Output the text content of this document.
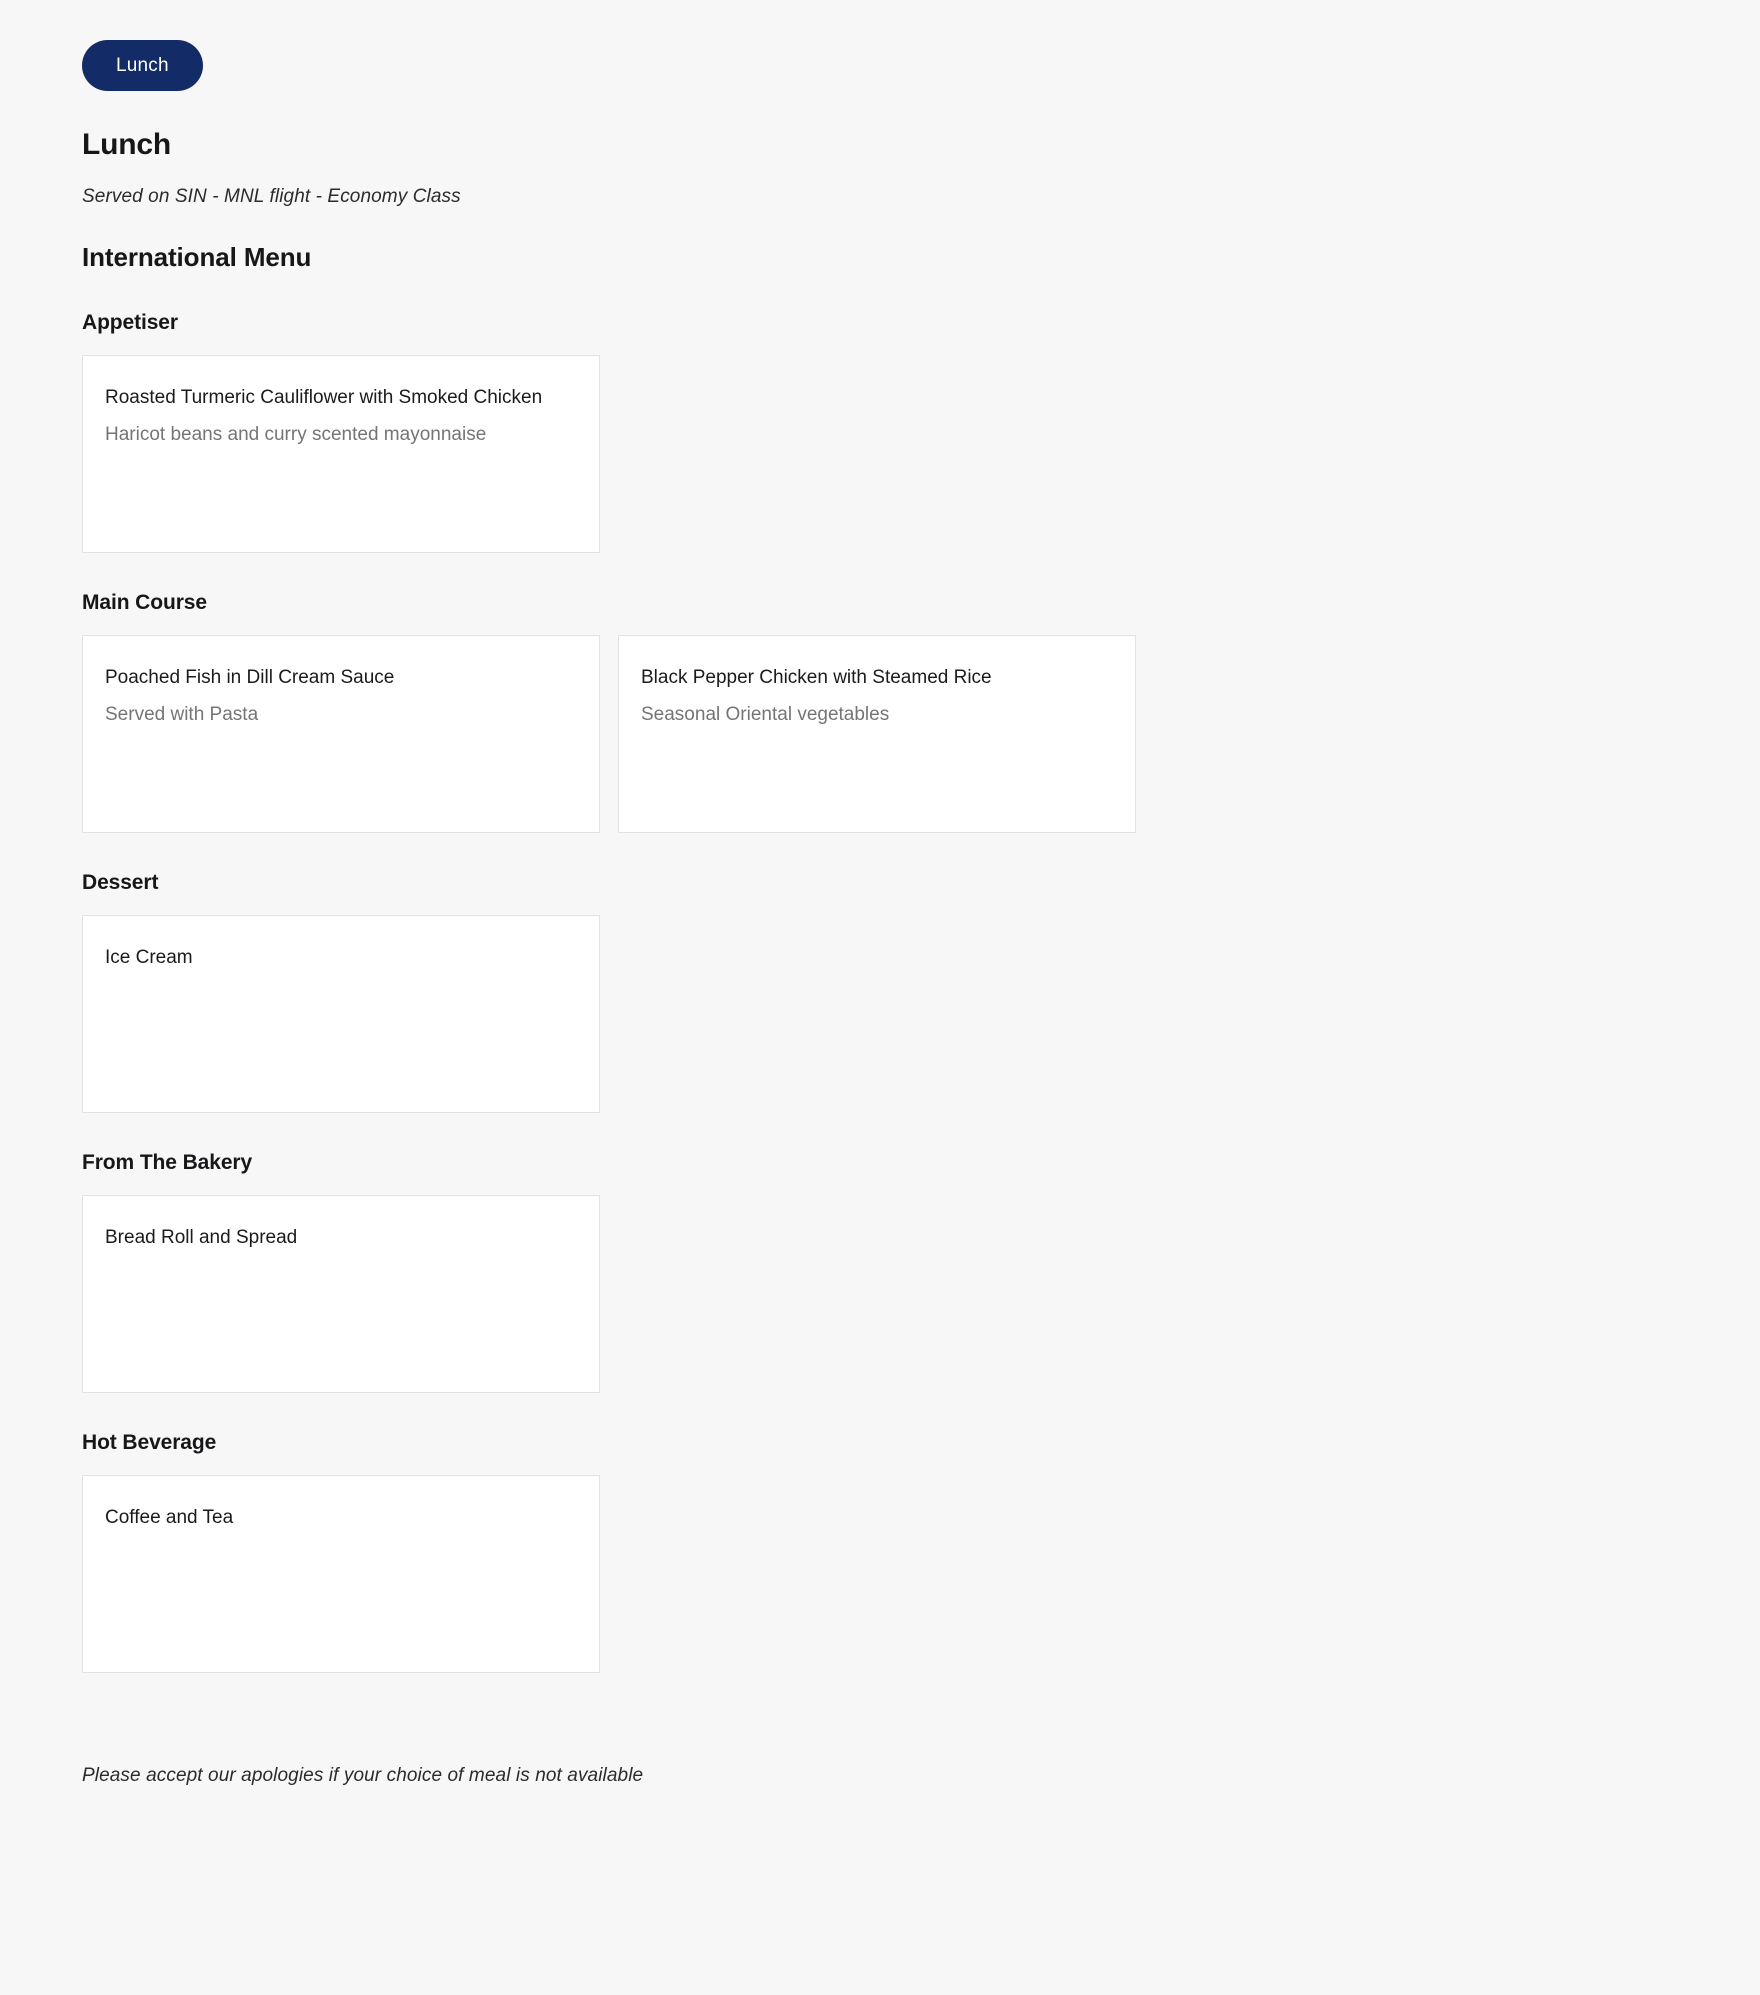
Lunch
Lunch

Served on SIN - MNL flight - Economy Class

International Menu
Appetiser

Roasted Turmeric Cauliflower with Smoked Chicken

Haricot beans and curry scented mayonnaise

Main Course

Poached Fish in Dill Cream Sauce

Served with Pasta

Black Pepper Chicken with Steamed Rice

Seasonal Oriental vegetables

Dessert

Ice Cream

From The Bakery

Bread Roll and Spread

Hot Beverage

Coffee and Tea

Please accept our apologies if your choice of meal is not available
